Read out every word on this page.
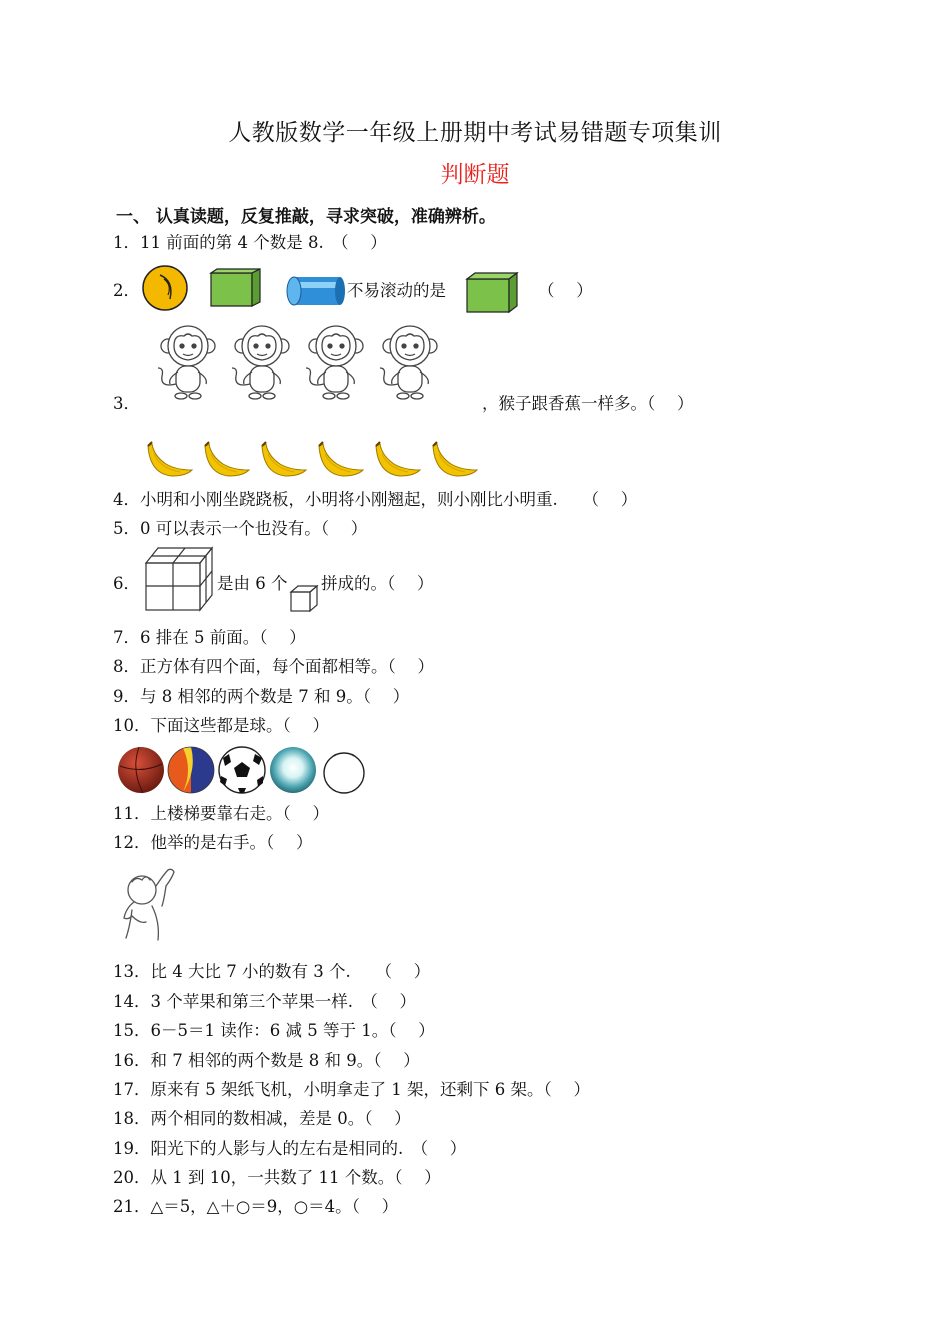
人教版数学一年级上册期中考试易错题专项集训
判断题
一、 认真读题，反复推敲，寻求突破，准确辨析。
1．11 前面的第 4 个数是 8.　（　 ）
2．	不易滚动的是	（　 ）
3．	，猴子跟香蕉一样多。（　 ）
4．小明和小刚坐跷跷板，小明将小刚翘起，则小刚比小明重.　　（　 ）
5．0 可以表示一个也没有。（　 ）
6．	是由 6 个 拼成的。（　 ）
7．6 排在 5 前面。（　 ）
8．正方体有四个面，每个面都相等。（　 ）
9．与 8 相邻的两个数是 7 和 9。（　 ）
10．下面这些都是球。（　 ）
11．上楼梯要靠右走。（　 ）
12．他举的是右手。（　 ）
13．比 4 大比 7 小的数有 3 个.　　（　 ）
14．3 个苹果和第三个苹果一样.　（　 ）
15．6－5＝1 读作：6 减 5 等于 1。（　 ）
16．和 7 相邻的两个数是 8 和 9。（　 ）
17．原来有 5 架纸飞机，小明拿走了 1 架，还剩下 6 架。（　 ）
18．两个相同的数相减，差是 0。（　 ）
19．阳光下的人影与人的左右是相同的.　（　 ）
20．从 1 到 10，一共数了 11 个数。（　 ）
21．△＝5，△＋○＝9，○＝4。（　 ）
